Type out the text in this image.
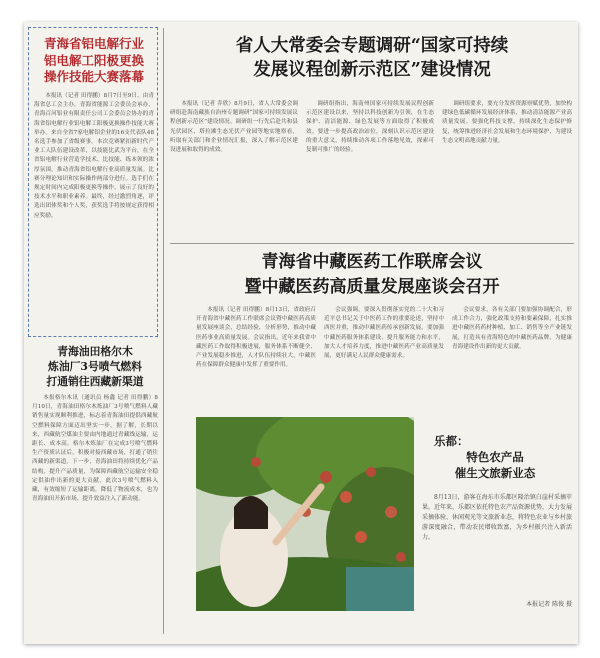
青海省铝电解行业
铝电解工阳极更换
操作技能大赛落幕

本报讯（记者 田得鹏）8月7日至9日，由青海省总工会主办，青海省能源工会委员会承办，青海百河铝业有限责任公司工会委员会协办的青海省铝电解行业铝电解工阳极更换操作技能大赛举办。来自全省7家电解铝企业的16支代表队48名选手参加了省级赛事。本次竞赛紧扣新时代产业工人队伍建设改革，以技能比武为平台，在全省铝电解行业营造学技术、比技能、练本领的浓厚氛围，推动青海省铝电解行业高质量发展。比赛分理论知识和实际操作两部分进行。选手们在规定时间内完成阳极更换等操作，展示了良好的技术水平和职业素养。最终，经过激烈角逐，评选出团体奖和个人奖，获奖选手将按规定获得相应奖励。

青海油田格尔木
炼油厂3号喷气燃料
打通销往西藏新渠道

本报格尔木讯（通讯员 杨鑫 记者 田得鹏）8月10日，青海油田格尔木炼油厂3号喷气燃料人藏销售量实现顺利推进，标志着青海油田提供西藏航空燃料保障方面迈出坚实一步。据了解，长期以来，西藏航空煤油主要由内地通过青藏线运输，运距长、成本高。格尔木炼油厂在完成3号喷气燃料生产资质认证后，积极对接西藏市场，打通了销往西藏的新渠道。下一步，青海油田将持续优化产品结构，提升产品质量，为保障西藏航空运输安全稳定供油作出新的更大贡献。此次3号喷气燃料入藏，有效缩短了运输距离，降低了物流成本，也为青海油田开拓市场、提升效益注入了新动能。

省人大常委会专题调研“国家可持续
发展议程创新示范区”建设情况

本报讯（记者 乔欣）8月9日，省人大常委会调研组赴海南藏族自治州专题调研“国家可持续发展议程创新示范区”建设情况。调研组一行先后赴共和县光伏园区、塔拉滩生态光伏产业园等地实地察看，听取有关部门和企业情况汇报，深入了解示范区建设进展和取得的成效。

调研组指出，海南州国家可持续发展议程创新示范区建设以来，坚持以科技创新为引领，在生态保护、清洁能源、绿色发展等方面取得了积极成效。要进一步提高政治站位，深刻认识示范区建设的重大意义，持续推动各项工作落地见效，探索可复制可推广的经验。

调研组要求，要充分发挥资源禀赋优势，加快构建绿色低碳循环发展经济体系，推动清洁能源产业高质量发展。要强化科技支撑，持续深化生态保护修复，统筹推进经济社会发展和生态环境保护，为建设生态文明高地贡献力量。

青海省中藏医药工作联席会议
暨中藏医药高质量发展座谈会召开

本报讯（记者 田得鹏）8月13日，省政府召开青海省中藏医药工作联席会议暨中藏医药高质量发展座谈会，总结经验，分析形势，推动中藏医药事业高质量发展。会议指出，近年来我省中藏医药工作取得积极进展，服务体系不断健全，产业发展稳步推进，人才队伍持续壮大，中藏医药在保障群众健康中发挥了重要作用。

会议强调，要深入贯彻落实党的二十大和习近平总书记关于中医药工作的重要论述，坚持中西医并重，推动中藏医药传承创新发展。要加强中藏医药服务体系建设，提升服务能力和水平，加大人才培养力度，推进中藏医药产业高质量发展，更好满足人民群众健康需求。

会议要求，各有关部门要加强协调配合，形成工作合力，强化政策支持和要素保障，扎实推进中藏医药药材种植、加工、销售等全产业链发展，打造具有青海特色的中藏医药品牌，为健康青海建设作出新的更大贡献。

乐都：
特色农产品
催生文旅新业态

8月13日，游客在海东市乐都区隆治镇白崖村采摘苹果。近年来，乐都区依托特色农产品资源优势，大力发展采摘体验、休闲观光等文旅新业态，将特色农业与乡村旅游深度融合，带动农民增收致富，为乡村振兴注入新活力。

本报记者 陈俊 摄
